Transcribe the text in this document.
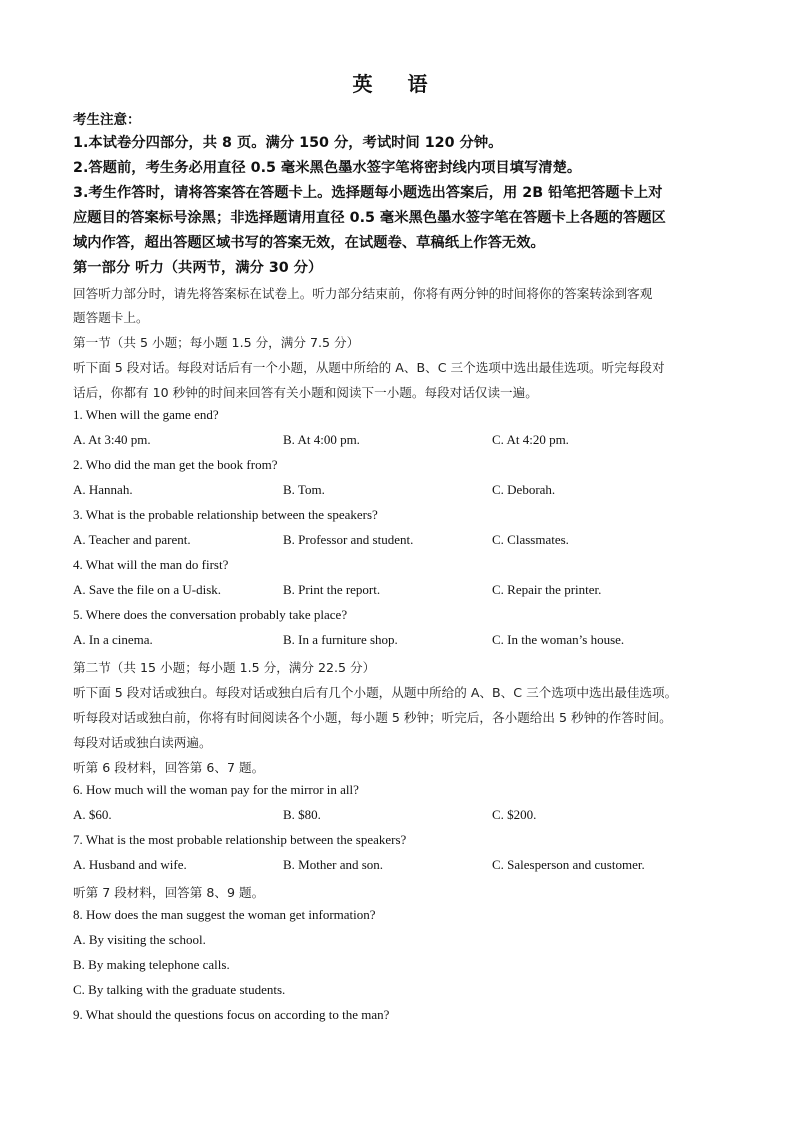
英 语
考生注意：
1.本试卷分四部分，共 8 页。满分 150 分，考试时间 120 分钟。
2.答题前，考生务必用直径 0.5 毫米黑色墨水签字笔将密封线内项目填写清楚。
3.考生作答时，请将答案答在答题卡上。选择题每小题选出答案后，用 2B 铅笔把答题卡上对
应题目的答案标号涂黑；非选择题请用直径 0.5 毫米黑色墨水签字笔在答题卡上各题的答题区
域内作答，超出答题区域书写的答案无效，在试题卷、草稿纸上作答无效。
第一部分 听力（共两节，满分 30 分）
回答听力部分时，请先将答案标在试卷上。听力部分结束前，你将有两分钟的时间将你的答案转涂到客观
题答题卡上。
第一节（共 5 小题；每小题 1.5 分，满分 7.5 分）
听下面 5 段对话。每段对话后有一个小题，从题中所给的 A、B、C 三个选项中选出最佳选项。听完每段对
话后，你都有 10 秒钟的时间来回答有关小题和阅读下一小题。每段对话仅读一遍。
1. When will the game end?
A. At 3:40 pm.	B. At 4:00 pm.	C. At 4:20 pm.
2. Who did the man get the book from?
A. Hannah.	B. Tom.	C. Deborah.
3. What is the probable relationship between the speakers?
A. Teacher and parent.	B. Professor and student.	C. Classmates.
4. What will the man do first?
A. Save the file on a U-disk.	B. Print the report.	C. Repair the printer.
5. Where does the conversation probably take place?
A. In a cinema.	B. In a furniture shop.	C. In the woman’s house.
第二节（共 15 小题；每小题 1.5 分，满分 22.5 分）
听下面 5 段对话或独白。每段对话或独白后有几个小题，从题中所给的 A、B、C 三个选项中选出最佳选项。
听每段对话或独白前，你将有时间阅读各个小题，每小题 5 秒钟；听完后，各小题给出 5 秒钟的作答时间。
每段对话或独白读两遍。
听第 6 段材料，回答第 6、7 题。
6. How much will the woman pay for the mirror in all?
A. $60.	B. $80.	C. $200.
7. What is the most probable relationship between the speakers?
A. Husband and wife.	B. Mother and son.	C. Salesperson and customer.
听第 7 段材料，回答第 8、9 题。
8. How does the man suggest the woman get information?
A. By visiting the school.
B. By making telephone calls.
C. By talking with the graduate students.
9. What should the questions focus on according to the man?
